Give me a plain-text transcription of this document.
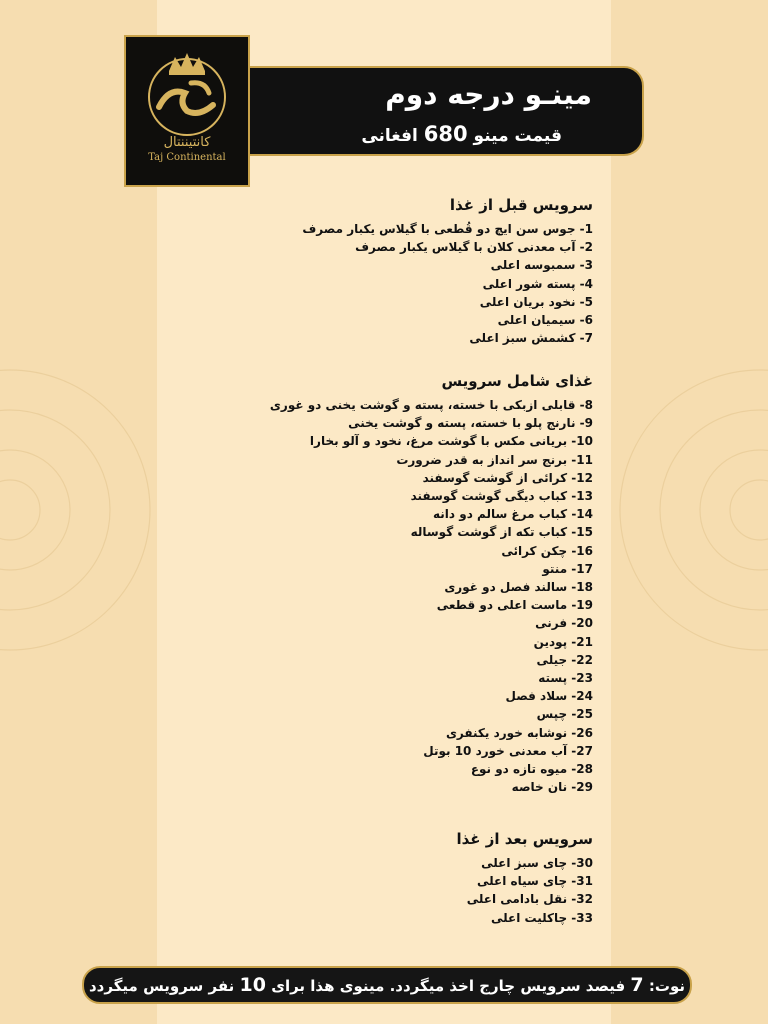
مینـو درجه دوم
قیمت مینو 680 افغانی
کانتیننتال
Taj Continental
سرویس قبل از غذا
1- جوس سن ایچ دو قُطعی با گیلاس یکبار مصرف
2- آب معدنی کلان با گیلاس یکبار مصرف
3- سمبوسه اعلی
4- پسته شور اعلی
5- نخود بریان اعلی
6- سیمیان اعلی
7- کشمش سبز اعلی
غذای شامل سرویس
8- قابلی ازبکی با خسته، پسته و گوشت یخنی دو غوری
9- نارنج پلو با خسته، پسته و گوشت یخنی
10- بریانی مکس با گوشت مرغ، نخود و آلو بخارا
11- برنج سر انداز به قدر ضرورت
12- کرائی از گوشت گوسفند
13- کباب دیگی گوشت گوسفند
14- کباب مرغ سالم دو دانه
15- کباب تکه از گوشت گوساله
16- چکن کرائی
17- منتو
18- سالند فصل دو غوری
19- ماست اعلی دو قطعی
20- فرنی
21- پودین
22- جیلی
23- پسته
24- سلاد فصل
25- چپس
26- نوشابه خورد یکنفری
27- آب معدنی خورد 10 بوتل
28- میوه تازه دو نوع
29- نان خاصه
سرویس بعد از غذا
30- چای سبز اعلی
31- چای سیاه اعلی
32- نقل بادامی اعلی
33- چاکلیت اعلی
نوت: 7 فیصد سرویس چارج اخذ میگردد. مینوی هذا برای 10 نفر سرویس میگردد
